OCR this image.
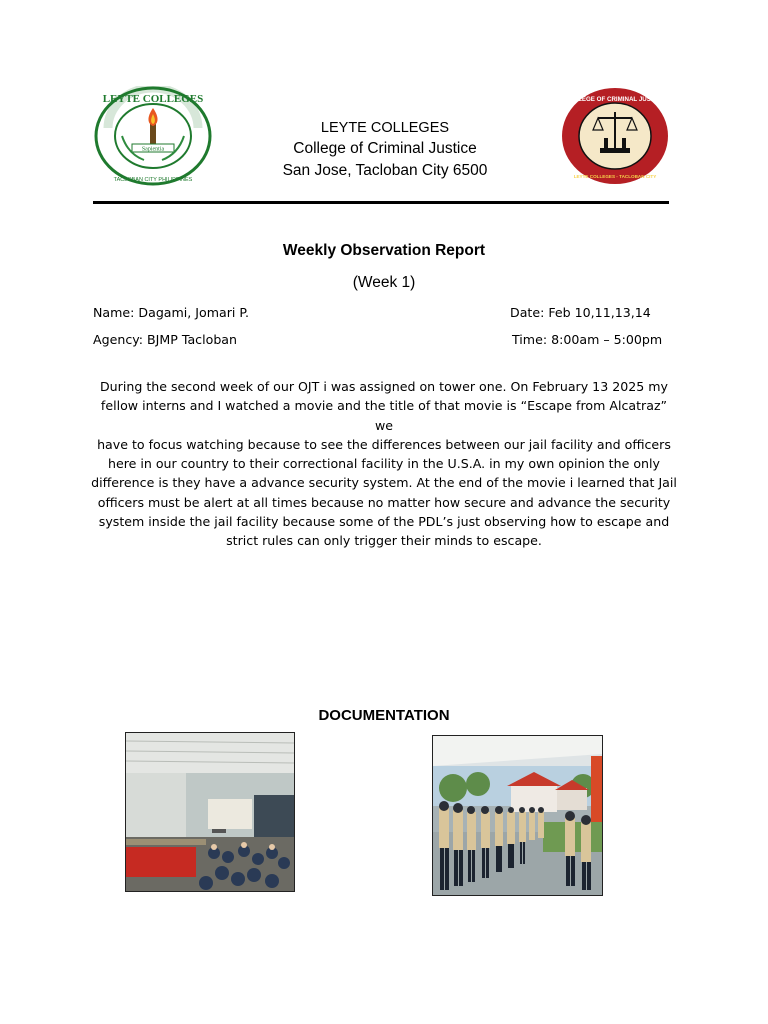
LEYTE COLLEGES
TACLOBAN CITY PHILIPPINES
Sapientia
COLLEGE OF CRIMINAL JUSTICE
LEYTE COLLEGES - TACLOBAN CITY
LEYTE COLLEGES
College of Criminal Justice
San Jose, Tacloban City 6500
Weekly Observation Report
(Week 1)
Name: Dagami, Jomari P.	Date: Feb 10,11,13,14
Agency: BJMP Tacloban	Time: 8:00am – 5:00pm
During the second week of our OJT i was assigned on tower one. On February 13 2025 my
fellow interns and I watched a movie and the title of that movie is “Escape from Alcatraz” we
have to focus watching because to see the differences between our jail facility and officers
here in our country to their correctional facility in the U.S.A. in my own opinion the only
difference is they have a advance security system. At the end of the movie i learned that Jail
officers must be alert at all times because no matter how secure and advance the security
system inside the jail facility because some of the PDL’s just observing how to escape and
strict rules can only trigger their minds to escape.
DOCUMENTATION
